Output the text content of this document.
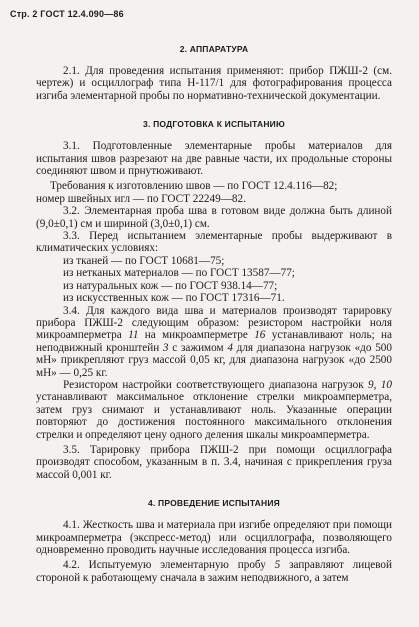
Стр. 2 ГОСТ 12.4.090—86
2. АППАРАТУРА

2.1. Для проведения испытания применяют: прибор ПЖШ-2 (см. чертеж) и осциллограф типа Н-117/1 для фотографирования процесса изгиба элементарной пробы по нормативно-технической документации.

3. ПОДГОТОВКА К ИСПЫТАНИЮ

3.1. Подготовленные элементарные пробы материалов для испытания швов разрезают на две равные части, их продольные стороны соединяют швом и прнутюживают.

Требования к изготовлению швов — по ГОСТ 12.4.116—82;

номер швейных игл — по ГОСТ 22249—82.

3.2. Элементарная проба шва в готовом виде должна быть длиной (9,0±0,1) см и шириной (3,0±0,1) см.

3.3. Перед испытанием элементарные пробы выдерживают в климатических условиях:

из тканей — по ГОСТ 10681—75;

из нетканых материалов — по ГОСТ 13587—77;

из натуральных кож — по ГОСТ 938.14—77;

из искусственных кож — по ГОСТ 17316—71.

3.4. Для каждого вида шва и материалов производят тарировку прибора ПЖШ-2 следующим образом: резистором настройки ноля микроамперметра 11 на микроамперметре 16 устанавливают ноль; на неподвижный кронштейн 3 с зажимом 4 для диапазона нагрузок «до 500 мН» прикрепляют груз массой 0,05 кг, для диапазона нагрузок «до 2500 мН» — 0,25 кг.

Резистором настройки соответствующего диапазона нагрузок 9, 10 устанавливают максимальное отклонение стрелки микроамперметра, затем груз снимают и устанавливают ноль. Указанные операции повторяют до достижения постоянного максимального отклонения стрелки и определяют цену одного деления шкалы микроамперметра.

3.5. Тарировку прибора ПЖШ-2 при помощи осциллографа производят способом, указанным в п. 3.4, начиная с прикрепления груза массой 0,001 кг.

4. ПРОВЕДЕНИЕ ИСПЫТАНИЯ

4.1. Жесткость шва и материала при изгибе определяют при помощи микроамперметра (экспресс-метод) или осциллографа, позволяющего одновременно проводить научные исследования процесса изгиба.

4.2. Испытуемую элементарную пробу 5 заправляют лицевой стороной к работающему сначала в зажим неподвижного, а затем
